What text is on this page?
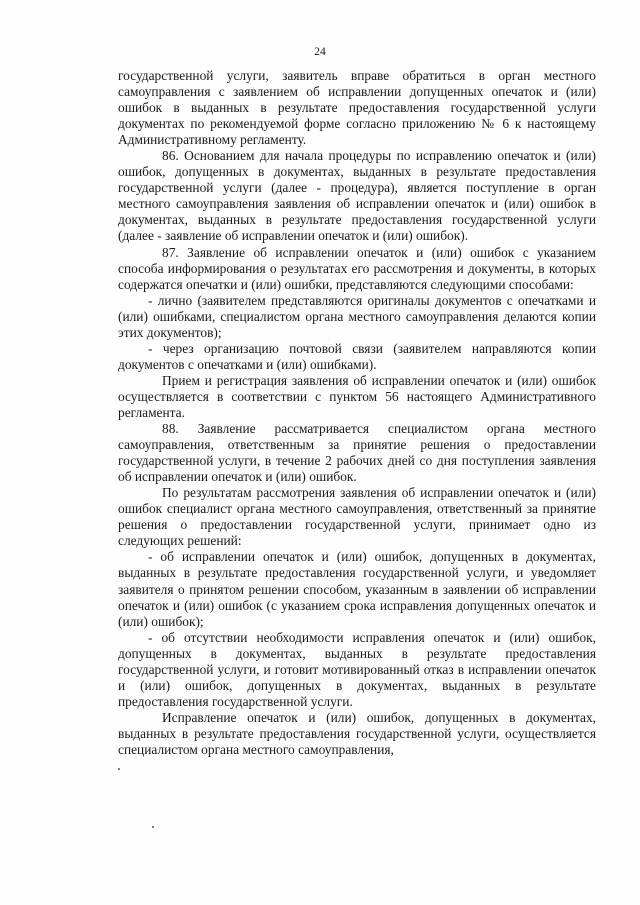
24

государственной услуги, заявитель вправе обратиться в орган местного самоуправления с заявлением об исправлении допущенных опечаток и (или) ошибок в выданных в результате предоставления государственной услуги документах по рекомендуемой форме согласно приложению № 6 к настоящему Административному регламенту.

86. Основанием для начала процедуры по исправлению опечаток и (или) ошибок, допущенных в документах, выданных в результате предоставления государственной услуги (далее - процедура), является поступление в орган местного самоуправления заявления об исправлении опечаток и (или) ошибок в документах, выданных в результате предоставления государственной услуги (далее - заявление об исправлении опечаток и (или) ошибок).

87. Заявление об исправлении опечаток и (или) ошибок с указанием способа информирования о результатах его рассмотрения и документы, в которых содержатся опечатки и (или) ошибки, представляются следующими способами:

- лично (заявителем представляются оригиналы документов с опечатками и (или) ошибками, специалистом органа местного самоуправления делаются копии этих документов);

- через организацию почтовой связи (заявителем направляются копии документов с опечатками и (или) ошибками).

Прием и регистрация заявления об исправлении опечаток и (или) ошибок осуществляется в соответствии с пунктом 56 настоящего Административного регламента.

88. Заявление рассматривается специалистом органа местного самоуправления, ответственным за принятие решения о предоставлении государственной услуги, в течение 2 рабочих дней со дня поступления заявления об исправлении опечаток и (или) ошибок.

По результатам рассмотрения заявления об исправлении опечаток и (или) ошибок специалист органа местного самоуправления, ответственный за принятие решения о предоставлении государственной услуги, принимает одно из следующих решений:

- об исправлении опечаток и (или) ошибок, допущенных в документах, выданных в результате предоставления государственной услуги, и уведомляет заявителя о принятом решении способом, указанным в заявлении об исправлении опечаток и (или) ошибок (с указанием срока исправления допущенных опечаток и (или) ошибок);

- об отсутствии необходимости исправления опечаток и (или) ошибок, допущенных в документах, выданных в результате предоставления государственной услуги, и готовит мотивированный отказ в исправлении опечаток и (или) ошибок, допущенных в документах, выданных в результате предоставления государственной услуги.

Исправление опечаток и (или) ошибок, допущенных в документах, выданных в результате предоставления государственной услуги, осуществляется специалистом органа местного самоуправления,
